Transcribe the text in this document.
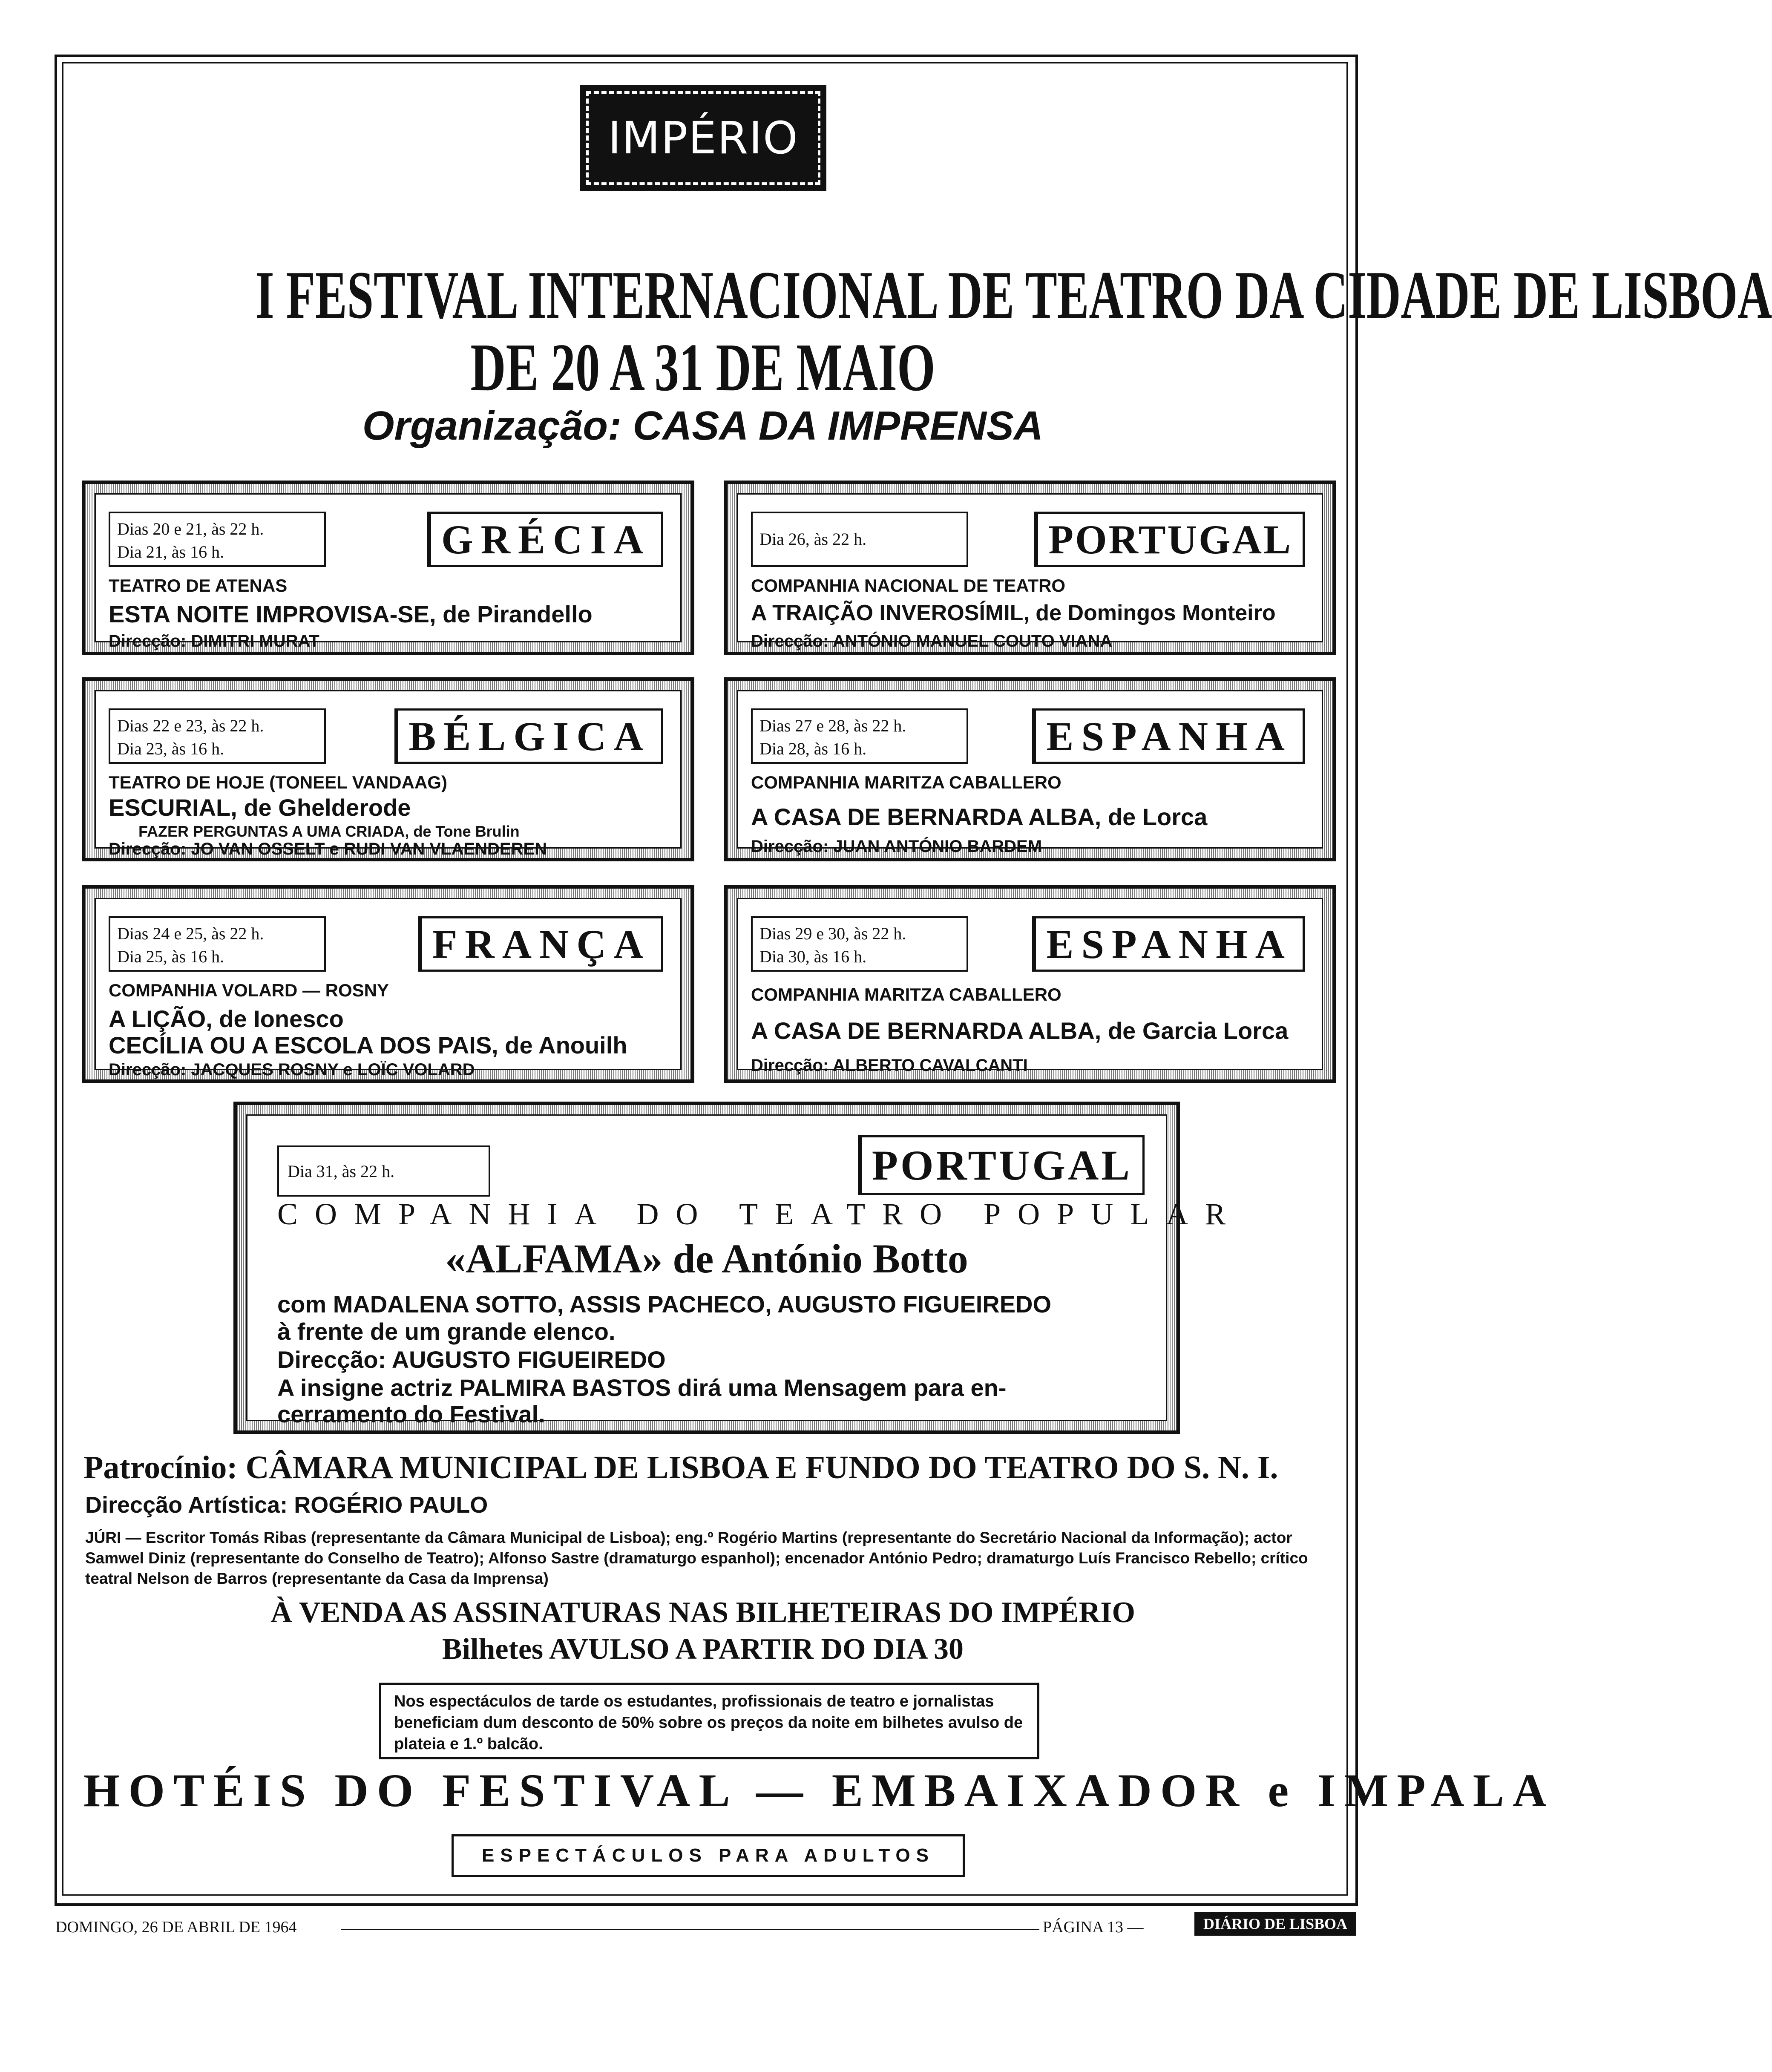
IMPÉRIO
I FESTIVAL INTERNACIONAL DE TEATRO DA CIDADE DE LISBOA
DE 20 A 31 DE MAIO
Organização: CASA DA IMPRENSA
Dias 20 e 21, às 22 h.
Dia 21, às 16 h.	GRÉCIA
TEATRO DE ATENAS
ESTA NOITE IMPROVISA-SE, de Pirandello
Direcção: DIMITRI MURAT
Dia 26, às 22 h.	PORTUGAL
COMPANHIA NACIONAL DE TEATRO
A TRAIÇÃO INVEROSÍMIL, de Domingos Monteiro
Direcção: ANTÓNIO MANUEL COUTO VIANA
Dias 22 e 23, às 22 h.
Dia 23, às 16 h.	BÉLGICA
TEATRO DE HOJE (TONEEL VANDAAG)
ESCURIAL, de Ghelderode
FAZER PERGUNTAS A UMA CRIADA, de Tone Brulin
Direcção: JO VAN OSSELT e RUDI VAN VLAENDEREN
Dias 27 e 28, às 22 h.
Dia 28, às 16 h.	ESPANHA
COMPANHIA MARITZA CABALLERO
A CASA DE BERNARDA ALBA, de Lorca
Direcção: JUAN ANTÓNIO BARDEM
Dias 24 e 25, às 22 h.
Dia 25, às 16 h.	FRANÇA
COMPANHIA VOLARD — ROSNY
A LIÇÃO, de Ionesco
CECÍLIA OU A ESCOLA DOS PAIS, de Anouilh
Direcção: JACQUES ROSNY e LOÏC VOLARD
Dias 29 e 30, às 22 h.
Dia 30, às 16 h.	ESPANHA
COMPANHIA MARITZA CABALLERO
A CASA DE BERNARDA ALBA, de Garcia Lorca
Direcção: ALBERTO CAVALCANTI
Dia 31, às 22 h.	PORTUGAL
COMPANHIA DO TEATRO POPULAR
«ALFAMA» de António Botto
com MADALENA SOTTO, ASSIS PACHECO, AUGUSTO FIGUEIREDO
à frente de um grande elenco.
Direcção: AUGUSTO FIGUEIREDO
A insigne actriz PALMIRA BASTOS dirá uma Mensagem para en-
cerramento do Festival.
Patrocínio: CÂMARA MUNICIPAL DE LISBOA E FUNDO DO TEATRO DO S. N. I.
Direcção Artística: ROGÉRIO PAULO
JÚRI — Escritor Tomás Ribas (representante da Câmara Municipal de Lisboa); eng.º Rogério Martins (representante do Secretário Nacional da Informação); actor Samwel Diniz (representante do Conselho de Teatro); Alfonso Sastre (dramaturgo espanhol); encenador António Pedro; dramaturgo Luís Francisco Rebello; crítico teatral Nelson de Barros (representante da Casa da Imprensa)
À VENDA AS ASSINATURAS NAS BILHETEIRAS DO IMPÉRIO
Bilhetes AVULSO A PARTIR DO DIA 30
Nos espectáculos de tarde os estudantes, profissionais de teatro e jornalistas beneficiam dum desconto de 50% sobre os preços da noite em bilhetes avulso de plateia e 1.º balcão.
HOTÉIS DO FESTIVAL — EMBAIXADOR e IMPALA
ESPECTÁCULOS PARA ADULTOS
DOMINGO, 26 DE ABRIL DE 1964	PÁGINA 13 —	DIÁRIO DE LISBOA
